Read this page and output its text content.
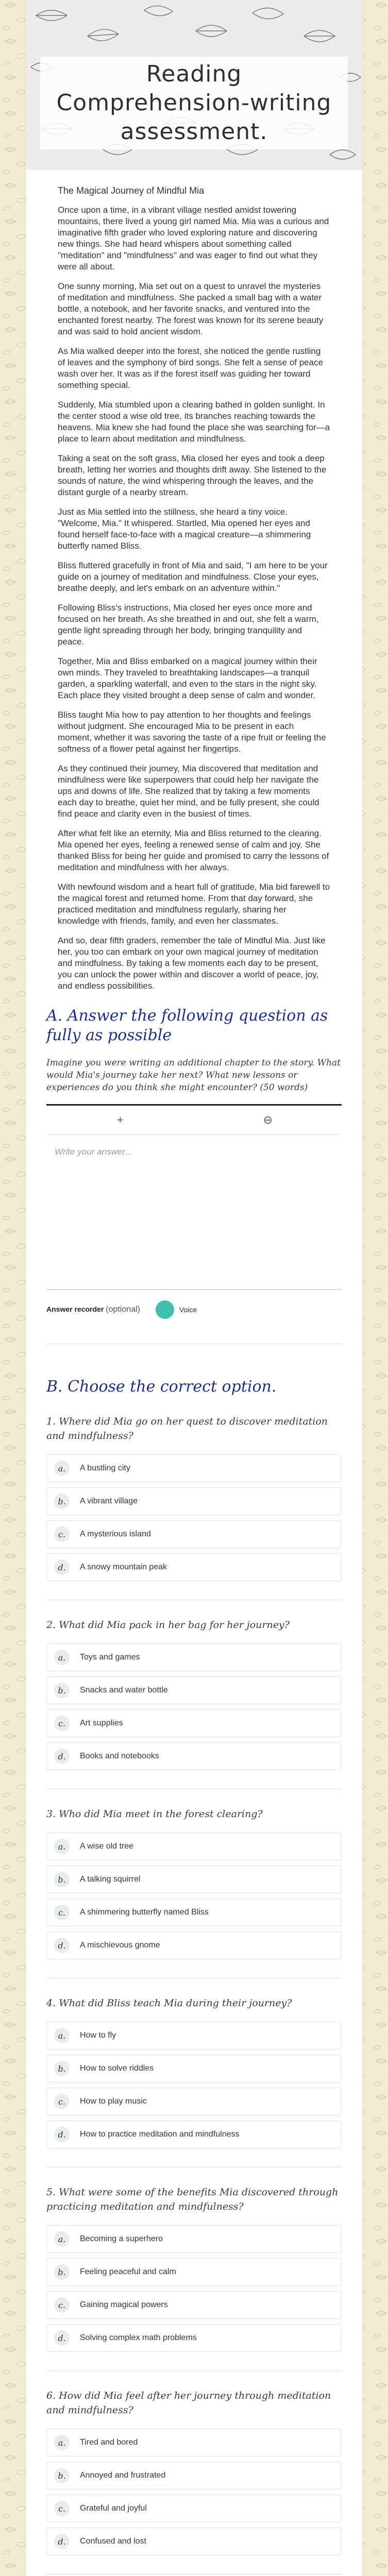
Reading Comprehension-writing assessment.
The Magical Journey of Mindful Mia

Once upon a time, in a vibrant village nestled amidst towering mountains, there lived a young girl named Mia. Mia was a curious and imaginative fifth grader who loved exploring nature and discovering new things. She had heard whispers about something called "meditation" and "mindfulness" and was eager to find out what they were all about.

One sunny morning, Mia set out on a quest to unravel the mysteries of meditation and mindfulness. She packed a small bag with a water bottle, a notebook, and her favorite snacks, and ventured into the enchanted forest nearby. The forest was known for its serene beauty and was said to hold ancient wisdom.

As Mia walked deeper into the forest, she noticed the gentle rustling of leaves and the symphony of bird songs. She felt a sense of peace wash over her. It was as if the forest itself was guiding her toward something special.

Suddenly, Mia stumbled upon a clearing bathed in golden sunlight. In the center stood a wise old tree, its branches reaching towards the heavens. Mia knew she had found the place she was searching for—a place to learn about meditation and mindfulness.

Taking a seat on the soft grass, Mia closed her eyes and took a deep breath, letting her worries and thoughts drift away. She listened to the sounds of nature, the wind whispering through the leaves, and the distant gurgle of a nearby stream.

Just as Mia settled into the stillness, she heard a tiny voice. "Welcome, Mia." It whispered. Startled, Mia opened her eyes and found herself face-to-face with a magical creature—a shimmering butterfly named Bliss.

Bliss fluttered gracefully in front of Mia and said, "I am here to be your guide on a journey of meditation and mindfulness. Close your eyes, breathe deeply, and let's embark on an adventure within."

Following Bliss's instructions, Mia closed her eyes once more and focused on her breath. As she breathed in and out, she felt a warm, gentle light spreading through her body, bringing tranquility and peace.

Together, Mia and Bliss embarked on a magical journey within their own minds. They traveled to breathtaking landscapes—a tranquil garden, a sparkling waterfall, and even to the stars in the night sky. Each place they visited brought a deep sense of calm and wonder.

Bliss taught Mia how to pay attention to her thoughts and feelings without judgment. She encouraged Mia to be present in each moment, whether it was savoring the taste of a ripe fruit or feeling the softness of a flower petal against her fingertips.

As they continued their journey, Mia discovered that meditation and mindfulness were like superpowers that could help her navigate the ups and downs of life. She realized that by taking a few moments each day to breathe, quiet her mind, and be fully present, she could find peace and clarity even in the busiest of times.

After what felt like an eternity, Mia and Bliss returned to the clearing. Mia opened her eyes, feeling a renewed sense of calm and joy. She thanked Bliss for being her guide and promised to carry the lessons of meditation and mindfulness with her always.

With newfound wisdom and a heart full of gratitude, Mia bid farewell to the magical forest and returned home. From that day forward, she practiced meditation and mindfulness regularly, sharing her knowledge with friends, family, and even her classmates.

And so, dear fifth graders, remember the tale of Mindful Mia. Just like her, you too can embark on your own magical journey of meditation and mindfulness. By taking a few moments each day to be present, you can unlock the power within and discover a world of peace, joy, and endless possibilities.

A. Answer the following question as fully as possible
Imagine you were writing an additional chapter to the story. What would Mia's journey take her next? What new lessons or experiences do you think she might encounter? (50 words)
+	⊖
Write your answer...
Answer recorder (optional)	Voice
B. Choose the correct option.
1. Where did Mia go on her quest to discover meditation and mindfulness?
a.	A bustling city
b.	A vibrant village
c.	A mysterious island
d.	A snowy mountain peak
2. What did Mia pack in her bag for her journey?
a.	Toys and games
b.	Snacks and water bottle
c.	Art supplies
d.	Books and notebooks
3. Who did Mia meet in the forest clearing?
a.	A wise old tree
b.	A talking squirrel
c.	A shimmering butterfly named Bliss
d.	A mischievous gnome
4. What did Bliss teach Mia during their journey?
a.	How to fly
b.	How to solve riddles
c.	How to play music
d.	How to practice meditation and mindfulness
5. What were some of the benefits Mia discovered through practicing meditation and mindfulness?
a.	Becoming a superhero
b.	Feeling peaceful and calm
c.	Gaining magical powers
d.	Solving complex math problems
6. How did Mia feel after her journey through meditation and mindfulness?
a.	Tired and bored
b.	Annoyed and frustrated
c.	Grateful and joyful
d.	Confused and lost
